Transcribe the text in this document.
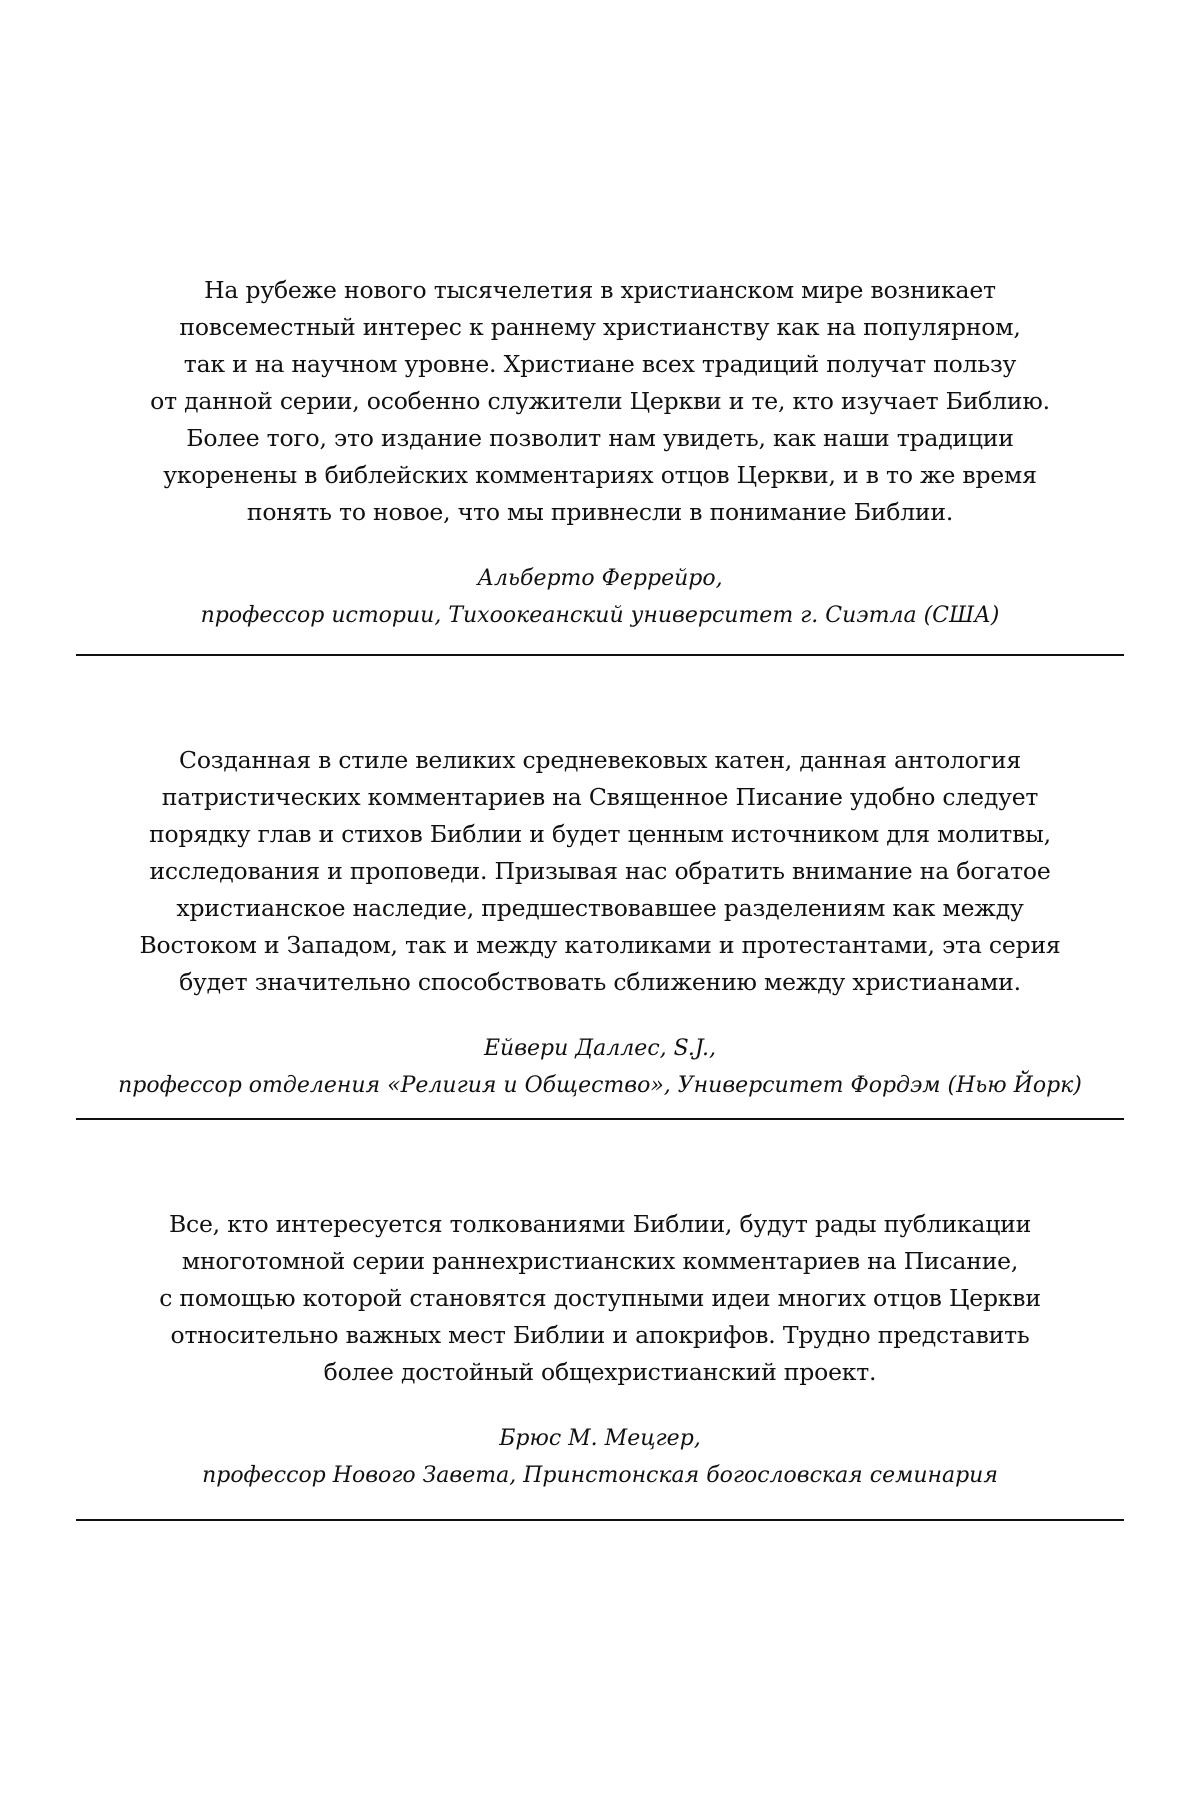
На рубеже нового тысячелетия в христианском мире возникает
повсеместный интерес к раннему христианству как на популярном,
так и на научном уровне. Христиане всех традиций получат пользу
от данной серии, особенно служители Церкви и те, кто изучает Библию.
Более того, это издание позволит нам увидеть, как наши традиции
укоренены в библейских комментариях отцов Церкви, и в то же время
понять то новое, что мы привнесли в понимание Библии.

Альберто Феррейро,
профессор истории, Тихоокеанский университет г. Сиэтла (США)

Созданная в стиле великих средневековых катен, данная антология
патристических комментариев на Священное Писание удобно следует
порядку глав и стихов Библии и будет ценным источником для молитвы,
исследования и проповеди. Призывая нас обратить внимание на богатое
христианское наследие, предшествовавшее разделениям как между
Востоком и Западом, так и между католиками и протестантами, эта серия
будет значительно способствовать сближению между христианами.

Ейвери Даллес, S.J.,
профессор отделения «Религия и Общество», Университет Фордэм (Нью Йорк)

Все, кто интересуется толкованиями Библии, будут рады публикации
многотомной серии раннехристианских комментариев на Писание,
с помощью которой становятся доступными идеи многих отцов Церкви
относительно важных мест Библии и апокрифов. Трудно представить
более достойный общехристианский проект.

Брюс М. Мецгер,
профессор Нового Завета, Принстонская богословская семинария
